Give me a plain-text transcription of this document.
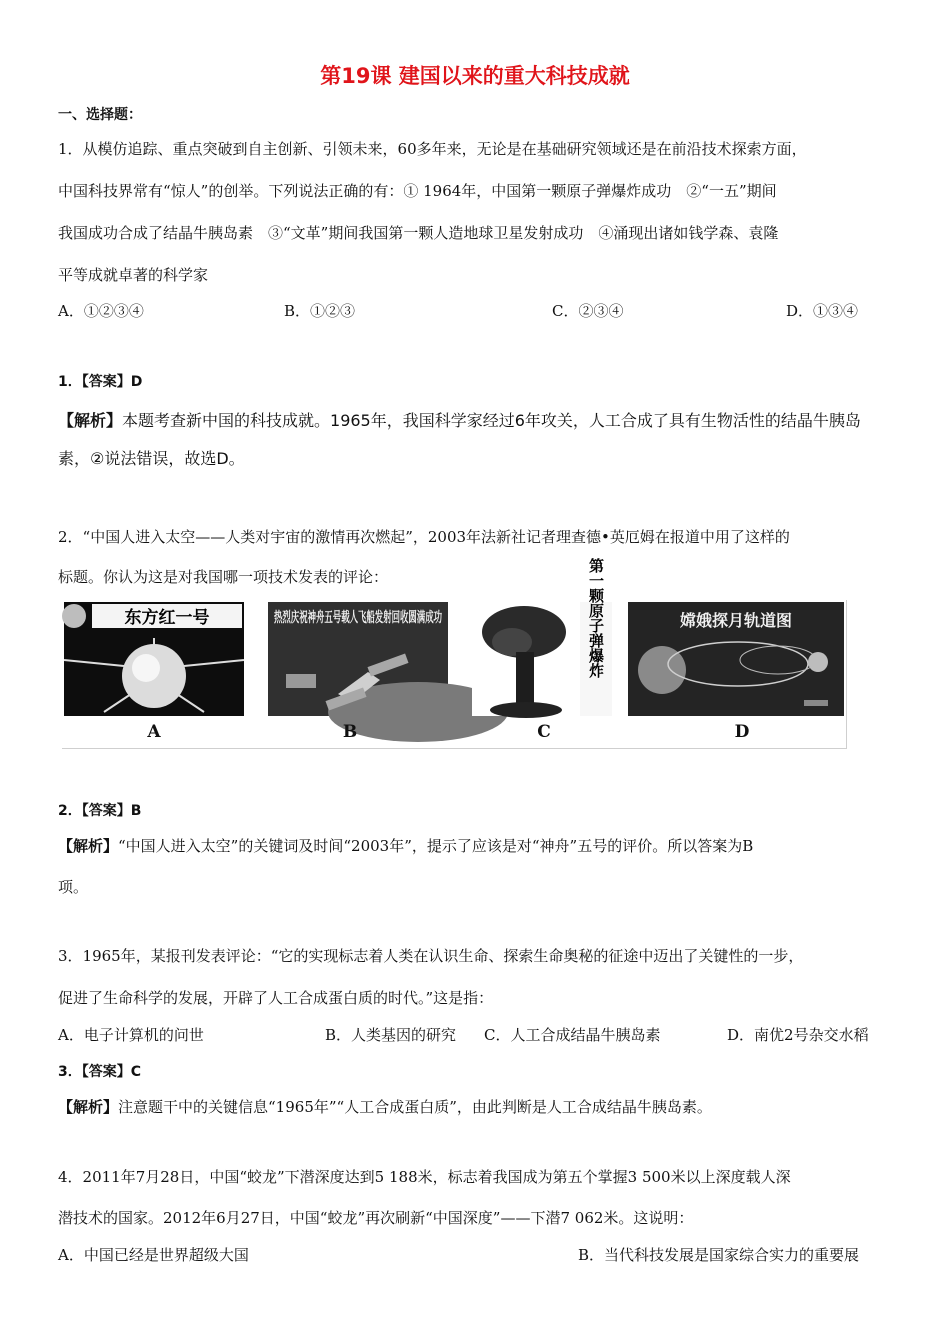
第19课 建国以来的重大科技成就
一、选择题：
1．从模仿追踪、重点突破到自主创新、引领未来，60多年来，无论是在基础研究领域还是在前沿技术探索方面，
中国科技界常有“惊人”的创举。下列说法正确的有：① 1964年，中国第一颗原子弹爆炸成功　②“一五”期间
我国成功合成了结晶牛胰岛素　③“文革”期间我国第一颗人造地球卫星发射成功　④涌现出诸如钱学森、袁隆
平等成就卓著的科学家
A．①②③④	B．①②③	C．②③④	D．①③④
1．【答案】D
【解析】本题考查新中国的科技成就。1965年，我国科学家经过6年攻关，人工合成了具有生物活性的结晶牛胰岛
素，②说法错误，故选D。
2．“中国人进入太空——人类对宇宙的激情再次燃起”，2003年法新社记者理查德•英厄姆在报道中用了这样的
标题。你认为这是对我国哪一项技术发表的评论：
东方红一号	热烈庆祝神舟五号载人飞船发射回收圆满成功 第一颗原子弹爆炸	嫦娥探月轨道图
A	B	C	D
2．【答案】B
【解析】“中国人进入太空”的关键词及时间“2003年”，提示了应该是对“神舟”五号的评价。所以答案为B
项。
3．1965年，某报刊发表评论：“它的实现标志着人类在认识生命、探索生命奥秘的征途中迈出了关键性的一步，
促进了生命科学的发展，开辟了人工合成蛋白质的时代。”这是指：
A．电子计算机的问世	B．人类基因的研究 C．人工合成结晶牛胰岛素	D．南优2号杂交水稻
3．【答案】C
【解析】注意题干中的关键信息“1965年”“人工合成蛋白质”，由此判断是人工合成结晶牛胰岛素。
4．2011年7月28日，中国“蛟龙”下潜深度达到5 188米，标志着我国成为第五个掌握3 500米以上深度载人深
潜技术的国家。2012年6月27日，中国“蛟龙”再次刷新“中国深度”——下潜7 062米。这说明：
A．中国已经是世界超级大国	B．当代科技发展是国家综合实力的重要展
